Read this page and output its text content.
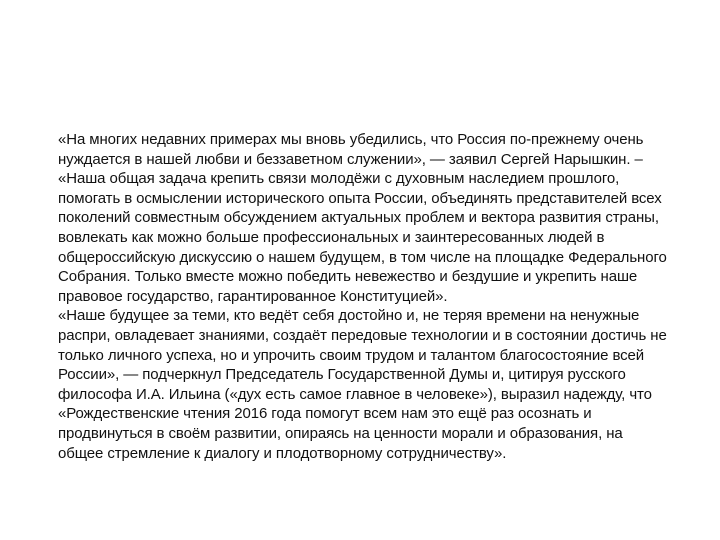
«На многих недавних примерах мы вновь убедились, что Россия по-прежнему очень нуждается в нашей любви и беззаветном служении», — заявил Сергей Нарышкин. – «Наша общая задача крепить связи молодёжи с духовным наследием прошлого, помогать в осмыслении исторического опыта России, объединять представителей всех поколений совместным обсуждением актуальных проблем и вектора развития страны, вовлекать как можно больше профессиональных и заинтересованных людей в общероссийскую дискуссию о нашем будущем, в том числе на площадке Федерального Собрания. Только вместе можно победить невежество и бездушие и укрепить наше правовое государство, гарантированное Конституцией».

«Наше будущее за теми, кто ведёт себя достойно и, не теряя времени на ненужные распри, овладевает знаниями, создаёт передовые технологии и в состоянии достичь не только личного успеха, но и упрочить своим трудом и талантом благосостояние всей России», — подчеркнул Председатель Государственной Думы и, цитируя русского философа И.А. Ильина («дух есть самое главное в человеке»), выразил надежду, что «Рождественские чтения 2016 года помогут всем нам это ещё раз осознать и продвинуться в своём развитии, опираясь на ценности морали и образования, на общее стремление к диалогу и плодотворному сотрудничеству».
